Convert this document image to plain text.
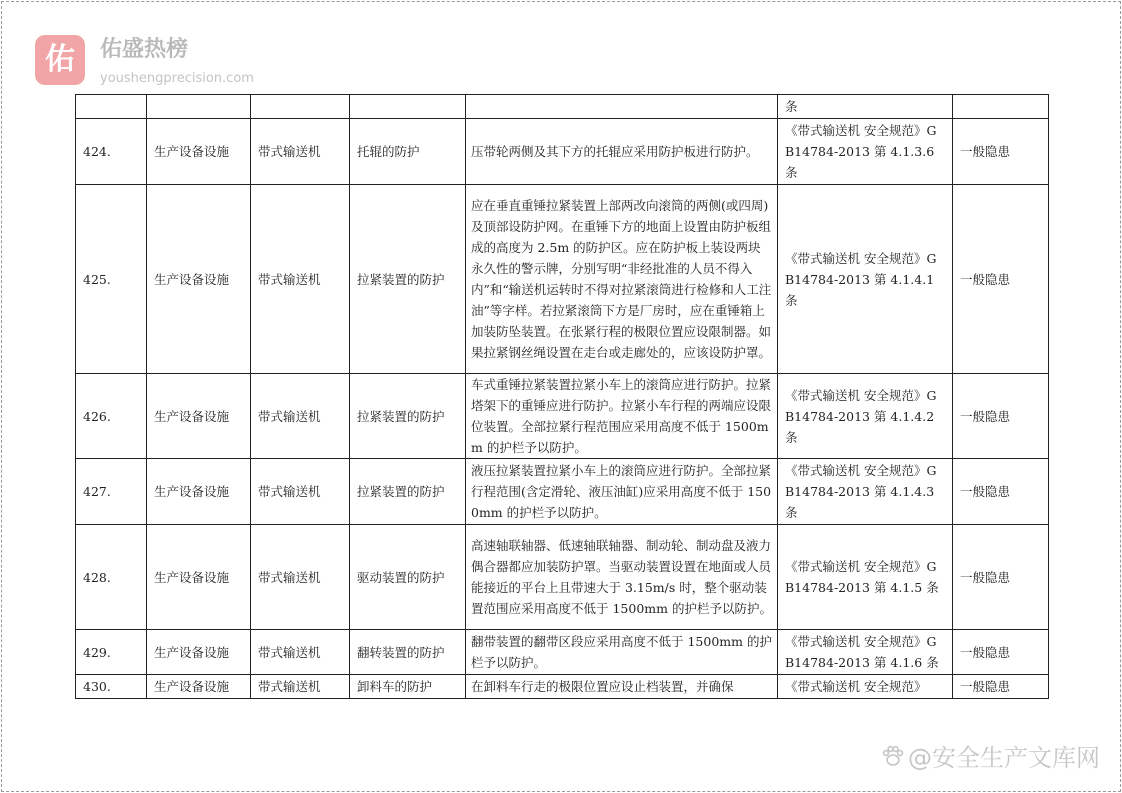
佑	佑盛热榜
youshengprecision.com
					条	
424.	生产设备设施	带式输送机	托辊的防护	压带轮两侧及其下方的托辊应采用防护板进行防护。	《带式输送机 安全规范》GB14784-2013 第 4.1.3.6 条	一般隐患
425.	生产设备设施	带式输送机	拉紧装置的防护	应在垂直重锤拉紧装置上部两改向滚筒的两侧(或四周)及顶部设防护网。在重锤下方的地面上设置由防护板组成的高度为 2.5m 的防护区。应在防护板上装设两块永久性的警示牌，分别写明“非经批准的人员不得入内”和“输送机运转时不得对拉紧滚筒进行检修和人工注油”等字样。若拉紧滚筒下方是厂房时，应在重锤箱上加装防坠装置。在张紧行程的极限位置应设限制器。如果拉紧钢丝绳设置在走台或走廊处的，应该设防护罩。	《带式输送机 安全规范》GB14784-2013 第 4.1.4.1 条	一般隐患
426.	生产设备设施	带式输送机	拉紧装置的防护	车式重锤拉紧装置拉紧小车上的滚筒应进行防护。拉紧塔架下的重锤应进行防护。拉紧小车行程的两端应设限位装置。全部拉紧行程范围应采用高度不低于 1500mm 的护栏予以防护。	《带式输送机 安全规范》GB14784-2013 第 4.1.4.2 条	一般隐患
427.	生产设备设施	带式输送机	拉紧装置的防护	液压拉紧装置拉紧小车上的滚筒应进行防护。全部拉紧行程范围(含定滑轮、液压油缸)应采用高度不低于 1500mm 的护栏予以防护。	《带式输送机 安全规范》GB14784-2013 第 4.1.4.3 条	一般隐患
428.	生产设备设施	带式输送机	驱动装置的防护	高速轴联轴器、低速轴联轴器、制动轮、制动盘及液力偶合器都应加装防护罩。当驱动装置设置在地面或人员能接近的平台上且带速大于 3.15m/s 时，整个驱动装置范围应采用高度不低于 1500mm 的护栏予以防护。	《带式输送机 安全规范》GB14784-2013 第 4.1.5 条	一般隐患
429.	生产设备设施	带式输送机	翻转装置的防护	翻带装置的翻带区段应采用高度不低于 1500mm 的护栏予以防护。	《带式输送机 安全规范》GB14784-2013 第 4.1.6 条	一般隐患
430.	生产设备设施	带式输送机	卸料车的防护	在卸料车行走的极限位置应设止档装置，并确保	《带式输送机 安全规范》	一般隐患
@安全生产文库网
